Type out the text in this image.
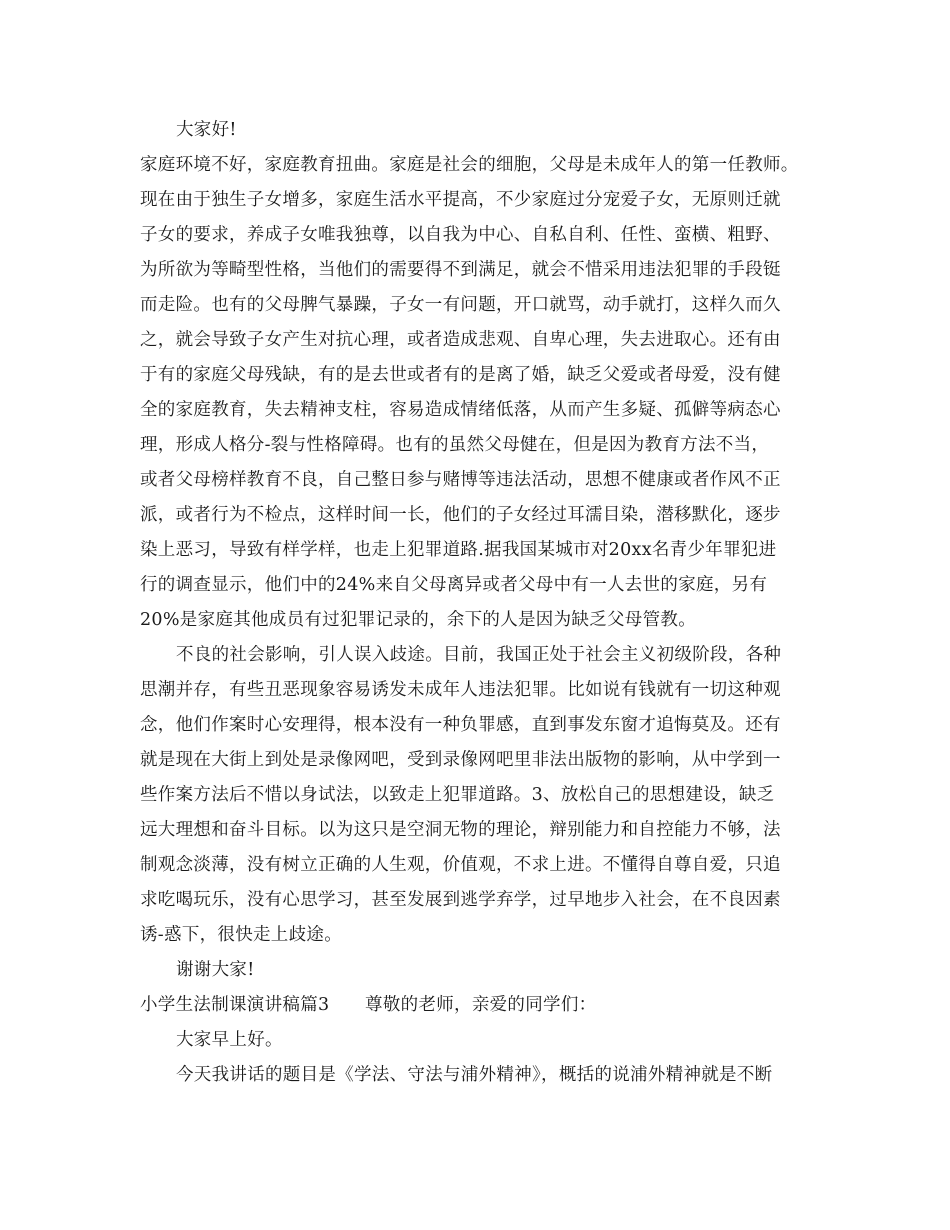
大家好!
家庭环境不好，家庭教育扭曲。家庭是社会的细胞，父母是未成年人的第一任教师。
现在由于独生子女增多，家庭生活水平提高，不少家庭过分宠爱子女，无原则迁就
子女的要求，养成子女唯我独尊，以自我为中心、自私自利、任性、蛮横、粗野、
为所欲为等畸型性格，当他们的需要得不到满足，就会不惜采用违法犯罪的手段铤
而走险。也有的父母脾气暴躁，子女一有问题，开口就骂，动手就打，这样久而久
之，就会导致子女产生对抗心理，或者造成悲观、自卑心理，失去进取心。还有由
于有的家庭父母残缺，有的是去世或者有的是离了婚，缺乏父爱或者母爱，没有健
全的家庭教育，失去精神支柱，容易造成情绪低落，从而产生多疑、孤僻等病态心
理，形成人格分-裂与性格障碍。也有的虽然父母健在，但是因为教育方法不当，
或者父母榜样教育不良，自己整日参与赌博等违法活动，思想不健康或者作风不正
派，或者行为不检点，这样时间一长，他们的子女经过耳濡目染，潜移默化，逐步
染上恶习，导致有样学样，也走上犯罪道路.据我国某城市对20xx名青少年罪犯进
行的调查显示，他们中的24%来自父母离异或者父母中有一人去世的家庭，另有
20%是家庭其他成员有过犯罪记录的，余下的人是因为缺乏父母管教。
不良的社会影响，引人误入歧途。目前，我国正处于社会主义初级阶段，各种
思潮并存，有些丑恶现象容易诱发未成年人违法犯罪。比如说有钱就有一切这种观
念，他们作案时心安理得，根本没有一种负罪感，直到事发东窗才追悔莫及。还有
就是现在大街上到处是录像网吧，受到录像网吧里非法出版物的影响，从中学到一
些作案方法后不惜以身试法，以致走上犯罪道路。3、放松自己的思想建设，缺乏
远大理想和奋斗目标。以为这只是空洞无物的理论，辩别能力和自控能力不够，法
制观念淡薄，没有树立正确的人生观，价值观，不求上进。不懂得自尊自爱，只追
求吃喝玩乐，没有心思学习，甚至发展到逃学弃学，过早地步入社会，在不良因素
诱-惑下，很快走上歧途。
谢谢大家!
小学生法制课演讲稿篇3　　尊敬的老师，亲爱的同学们：
大家早上好。
今天我讲话的题目是《学法、守法与浦外精神》，概括的说浦外精神就是不断
